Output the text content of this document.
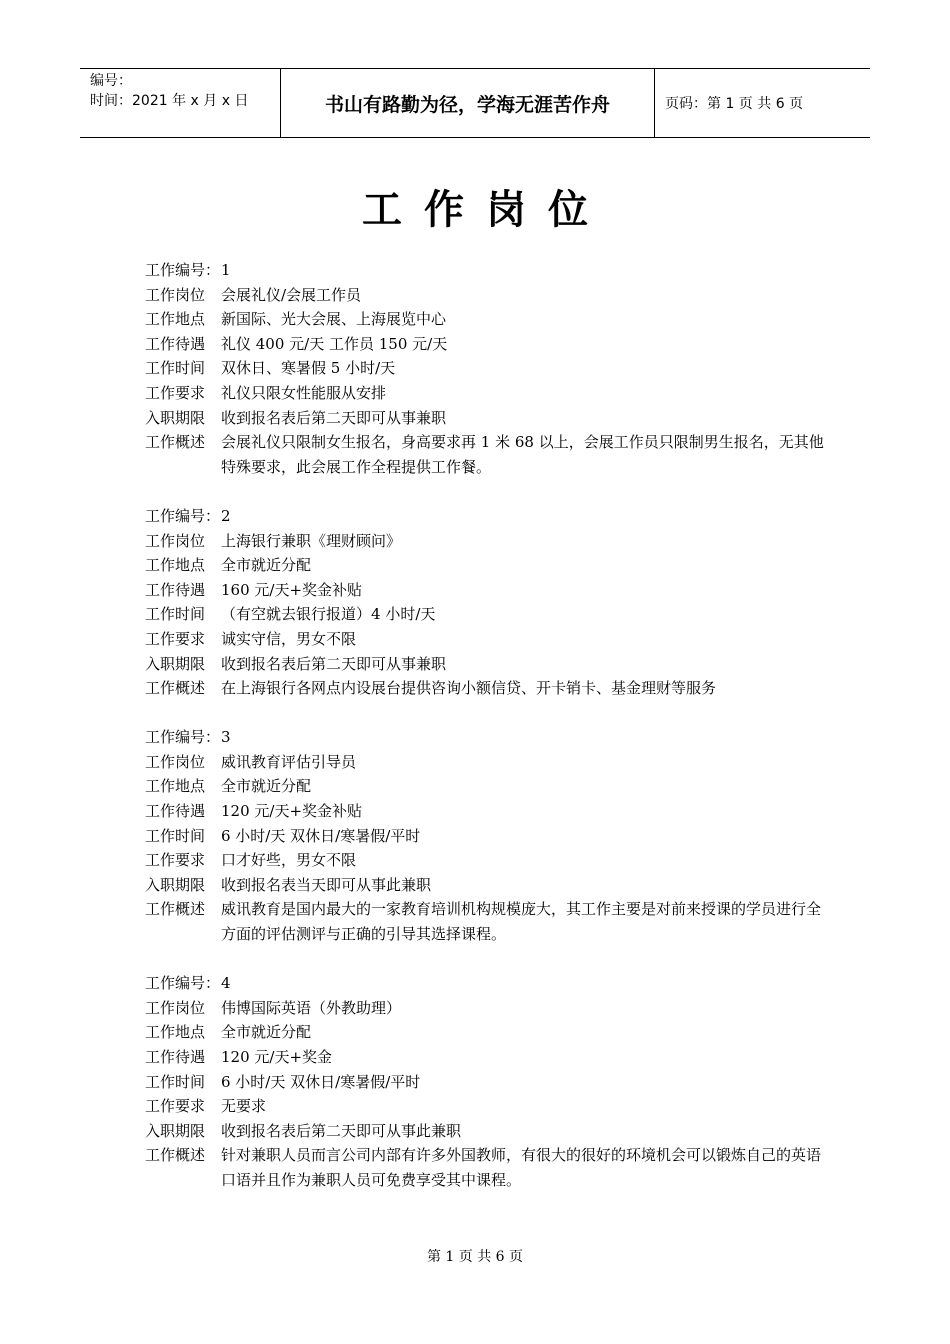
编号：
时间：2021 年 x 月 x 日	书山有路勤为径，学海无涯苦作舟	页码：第 1 页 共 6 页
工作岗位
工作编号： 1
工作岗位	会展礼仪/会展工作员
工作地点	新国际、光大会展、上海展览中心
工作待遇	礼仪 400 元/天 工作员 150 元/天
工作时间	双休日、寒暑假 5 小时/天
工作要求	礼仪只限女性能服从安排
入职期限	收到报名表后第二天即可从事兼职
工作概述	会展礼仪只限制女生报名，身高要求再 1 米 68 以上，会展工作员只限制男生报名，无其他特殊要求，此会展工作全程提供工作餐。
工作编号： 2
工作岗位	上海银行兼职《理财顾问》
工作地点	全市就近分配
工作待遇	160 元/天+奖金补贴
工作时间	（有空就去银行报道）4 小时/天
工作要求	诚实守信，男女不限
入职期限	收到报名表后第二天即可从事兼职
工作概述	在上海银行各网点内设展台提供咨询小额信贷、开卡销卡、基金理财等服务
工作编号： 3
工作岗位	威讯教育评估引导员
工作地点	全市就近分配
工作待遇	120 元/天+奖金补贴
工作时间	6 小时/天 双休日/寒暑假/平时
工作要求	口才好些，男女不限
入职期限	收到报名表当天即可从事此兼职
工作概述	威讯教育是国内最大的一家教育培训机构规模庞大，其工作主要是对前来授课的学员进行全方面的评估测评与正确的引导其选择课程。
工作编号： 4
工作岗位	伟博国际英语（外教助理）
工作地点	全市就近分配
工作待遇	120 元/天+奖金
工作时间	6 小时/天 双休日/寒暑假/平时
工作要求	无要求
入职期限	收到报名表后第二天即可从事此兼职
工作概述	针对兼职人员而言公司内部有许多外国教师，有很大的很好的环境机会可以锻炼自己的英语口语并且作为兼职人员可免费享受其中课程。
第 1 页 共 6 页
